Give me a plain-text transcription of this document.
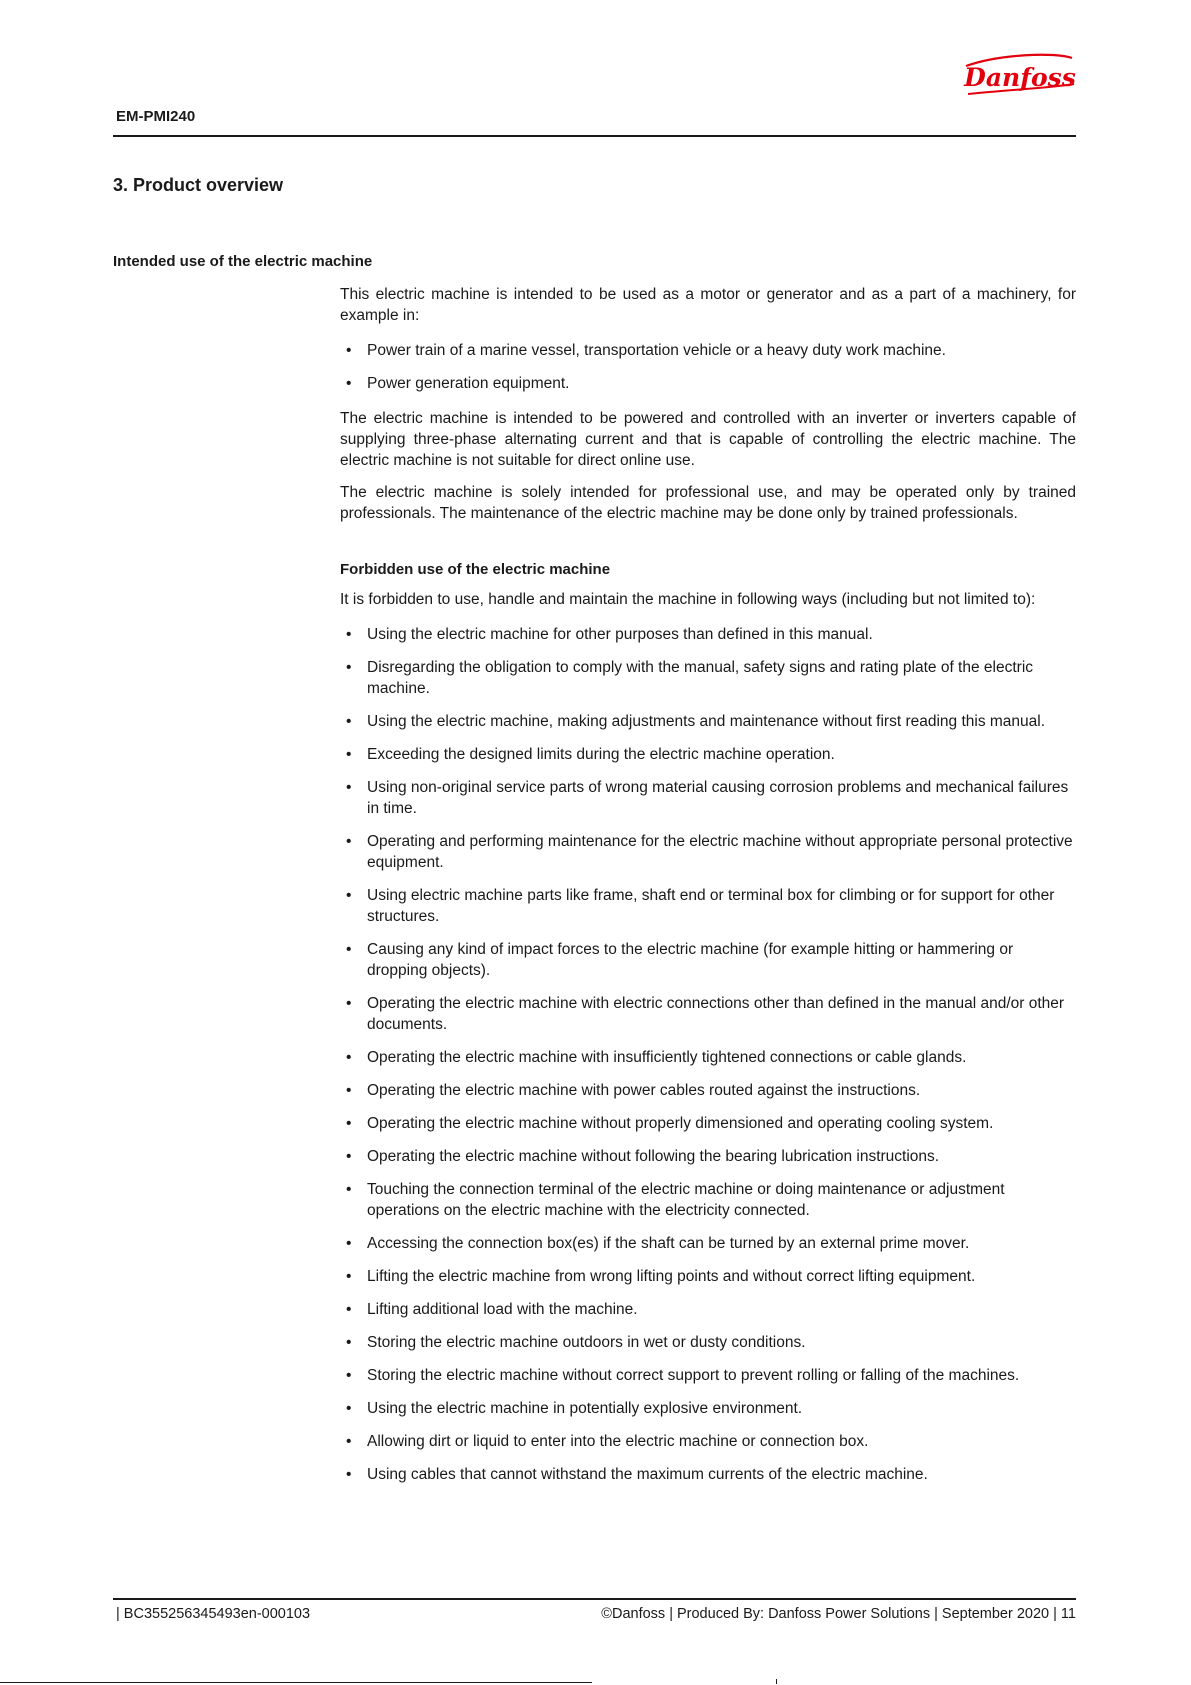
Danfoss
EM-PMI240
3. Product overview
Intended use of the electric machine

This electric machine is intended to be used as a motor or generator and as a part of a machinery, for example in:

• Power train of a marine vessel, transportation vehicle or a heavy duty work machine.
• Power generation equipment.

The electric machine is intended to be powered and controlled with an inverter or inverters capable of supplying three-phase alternating current and that is capable of controlling the electric machine. The electric machine is not suitable for direct online use.

The electric machine is solely intended for professional use, and may be operated only by trained professionals. The maintenance of the electric machine may be done only by trained professionals.

Forbidden use of the electric machine

It is forbidden to use, handle and maintain the machine in following ways (including but not limited to):

• Using the electric machine for other purposes than defined in this manual.
• Disregarding the obligation to comply with the manual, safety signs and rating plate of the electric machine.
• Using the electric machine, making adjustments and maintenance without first reading this manual.
• Exceeding the designed limits during the electric machine operation.
• Using non-original service parts of wrong material causing corrosion problems and mechanical failures in time.
• Operating and performing maintenance for the electric machine without appropriate personal protective equipment.
• Using electric machine parts like frame, shaft end or terminal box for climbing or for support for other structures.
• Causing any kind of impact forces to the electric machine (for example hitting or hammering or dropping objects).
• Operating the electric machine with electric connections other than defined in the manual and/or other documents.
• Operating the electric machine with insufficiently tightened connections or cable glands.
• Operating the electric machine with power cables routed against the instructions.
• Operating the electric machine without properly dimensioned and operating cooling system.
• Operating the electric machine without following the bearing lubrication instructions.
• Touching the connection terminal of the electric machine or doing maintenance or adjustment operations on the electric machine with the electricity connected.
• Accessing the connection box(es) if the shaft can be turned by an external prime mover.
• Lifting the electric machine from wrong lifting points and without correct lifting equipment.
• Lifting additional load with the machine.
• Storing the electric machine outdoors in wet or dusty conditions.
• Storing the electric machine without correct support to prevent rolling or falling of the machines.
• Using the electric machine in potentially explosive environment.
• Allowing dirt or liquid to enter into the electric machine or connection box.
• Using cables that cannot withstand the maximum currents of the electric machine.
| BC355256345493en-000103	©Danfoss | Produced By: Danfoss Power Solutions | September 2020 | 11
